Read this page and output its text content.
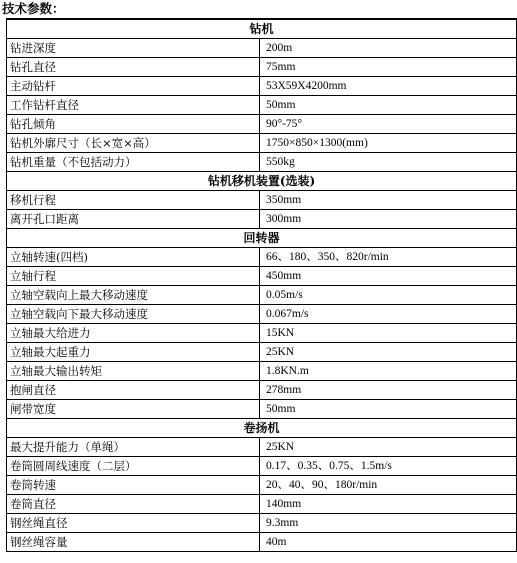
技术参数：
钻机	
钻进深度	200m
钻孔直径	75mm
主动钻杆	53X59X4200mm
工作钻杆直径	50mm
钻孔倾角	90°-75°
钻机外廓尺寸（长×宽×高）	1750×850×1300(mm)
钻机重量（不包括动力）	550kg
钻机移机装置(选装)	
移机行程	350mm
离开孔口距离	300mm
回转器	
立轴转速(四档)	66、180、350、820r/min
立轴行程	450mm
立轴空载向上最大移动速度	0.05m/s
立轴空载向下最大移动速度	0.067m/s
立轴最大给进力	15KN
立轴最大起重力	25KN
立轴最大输出转矩	1.8KN.m
抱闸直径	278mm
闸带宽度	50mm
卷扬机	
最大提升能力（单绳）	25KN
卷筒圆周线速度（二层）	0.17、0.35、0.75、1.5m/s
卷筒转速	20、40、90、180r/min
卷筒直径	140mm
钢丝绳直径	9.3mm
钢丝绳容量	40m
